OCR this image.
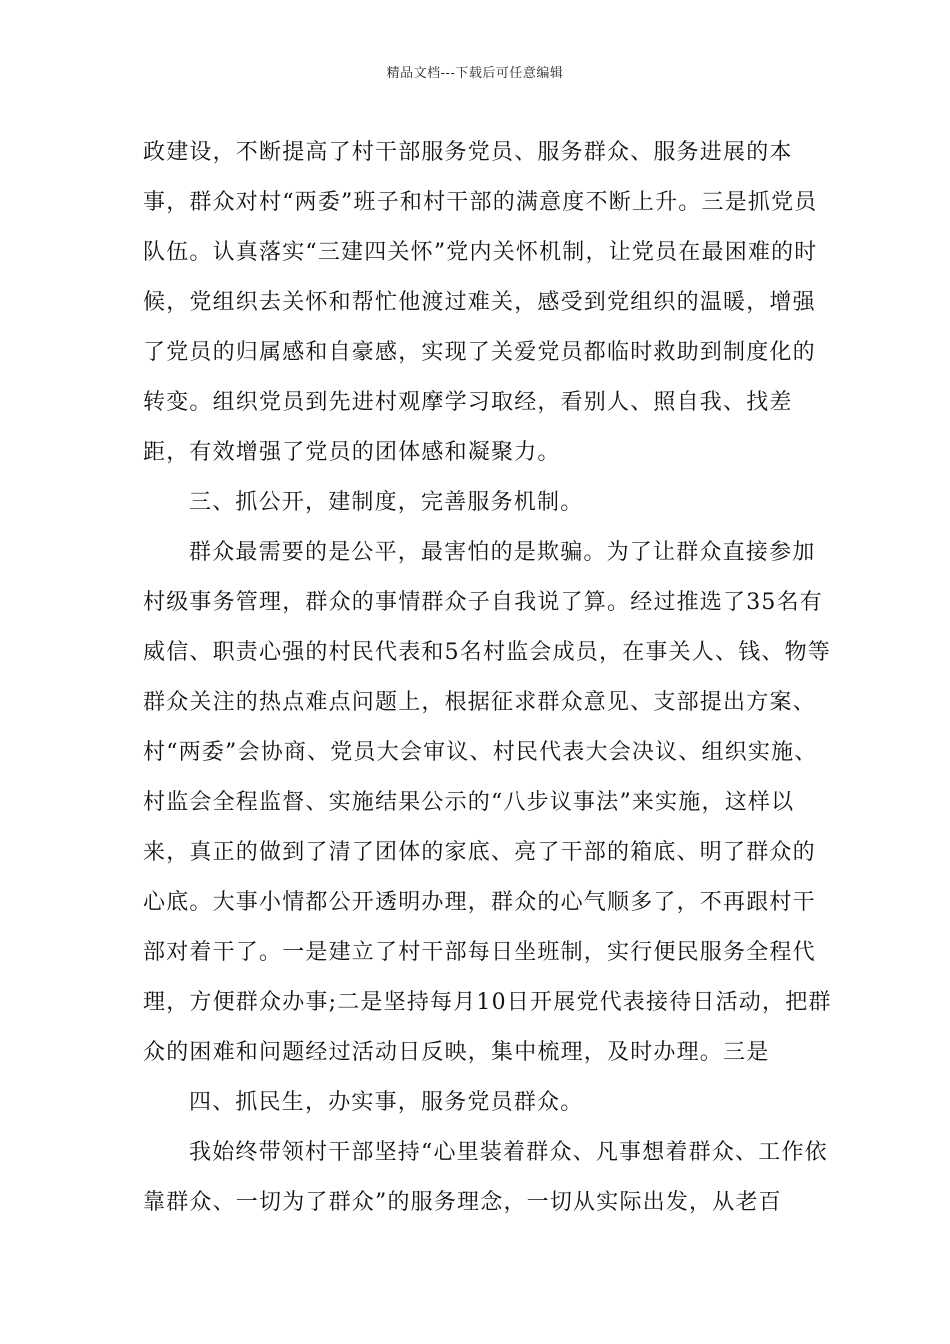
精品文档---下载后可任意编辑

政建设，不断提高了村干部服务党员、服务群众、服务进展的本事，群众对村“两委”班子和村干部的满意度不断上升。三是抓党员队伍。认真落实“三建四关怀”党内关怀机制，让党员在最困难的时候，党组织去关怀和帮忙他渡过难关，感受到党组织的温暖，增强了党员的归属感和自豪感，实现了关爱党员都临时救助到制度化的转变。组织党员到先进村观摩学习取经，看别人、照自我、找差距，有效增强了党员的团体感和凝聚力。

三、抓公开，建制度，完善服务机制。

群众最需要的是公平，最害怕的是欺骗。为了让群众直接参加村级事务管理，群众的事情群众子自我说了算。经过推选了35名有威信、职责心强的村民代表和5名村监会成员，在事关人、钱、物等群众关注的热点难点问题上，根据征求群众意见、支部提出方案、村“两委”会协商、党员大会审议、村民代表大会决议、组织实施、村监会全程监督、实施结果公示的“八步议事法”来实施，这样以来，真正的做到了清了团体的家底、亮了干部的箱底、明了群众的心底。大事小情都公开透明办理，群众的心气顺多了，不再跟村干部对着干了。一是建立了村干部每日坐班制，实行便民服务全程代理，方便群众办事;二是坚持每月10日开展党代表接待日活动，把群众的困难和问题经过活动日反映，集中梳理，及时办理。三是

四、抓民生，办实事，服务党员群众。

我始终带领村干部坚持“心里装着群众、凡事想着群众、工作依靠群众、一切为了群众”的服务理念，一切从实际出发，从老百
